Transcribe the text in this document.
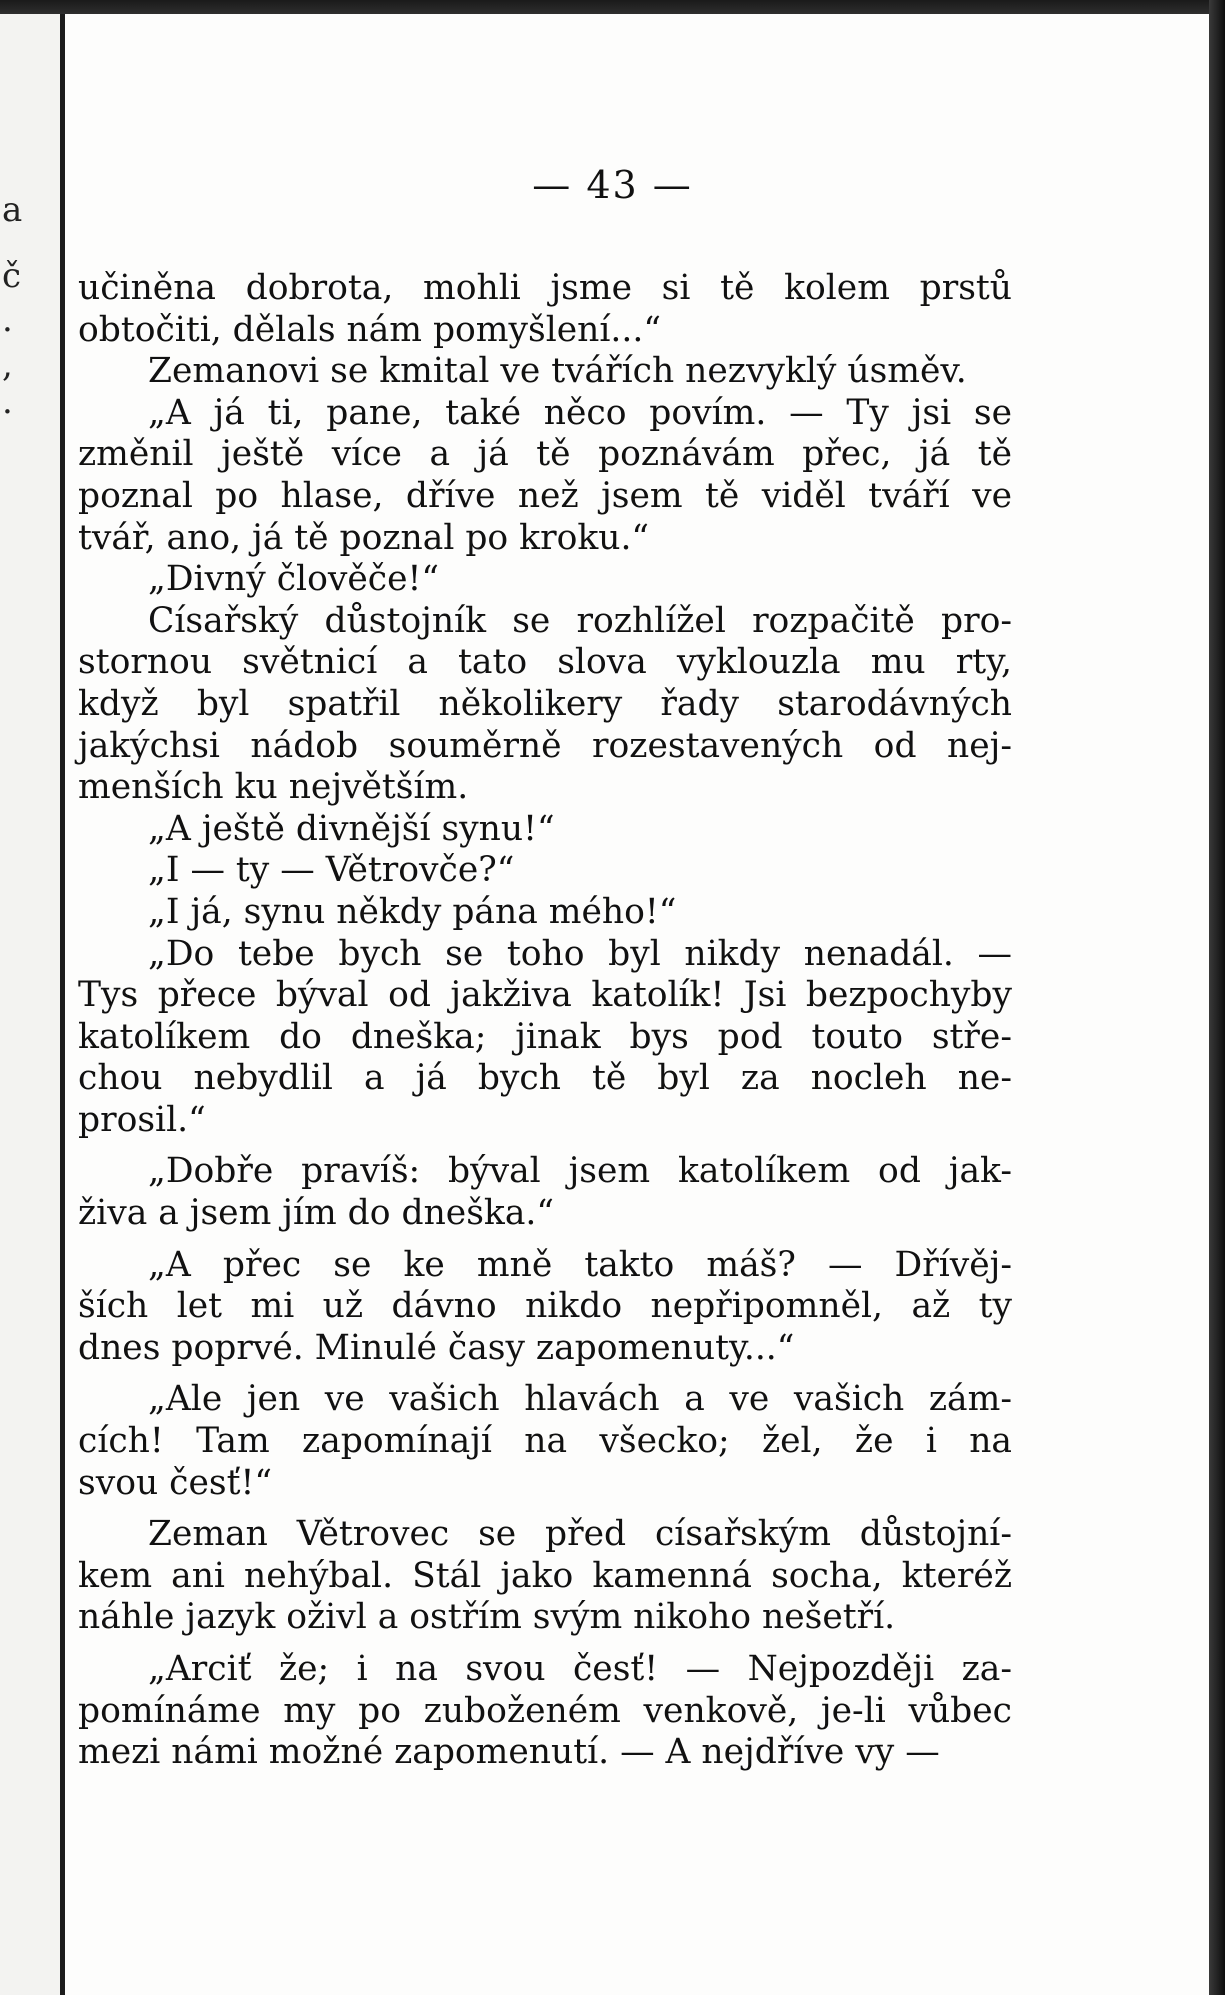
a
č
.
,
.
— 43 —
učiněna dobrota, mohli jsme si tě kolem prstů
obtočiti, dělals nám pomyšlení...“
Zemanovi se kmital ve tvářích nezvyklý úsměv.
„A já ti, pane, také něco povím. — Ty jsi se
změnil ještě více a já tě poznávám přec, já tě
poznal po hlase, dříve než jsem tě viděl tváří ve
tvář, ano, já tě poznal po kroku.“
„Divný člověče!“
Císařský důstojník se rozhlížel rozpačitě pro-
stornou světnicí a tato slova vyklouzla mu rty,
když byl spatřil několikery řady starodávných
jakýchsi nádob souměrně rozestavených od nej-
menších ku největším.
„A ještě divnější synu!“
„I — ty — Větrovče?“
„I já, synu někdy pána mého!“
„Do tebe bych se toho byl nikdy nenadál. —
Tys přece býval od jakživa katolík! Jsi bezpochyby
katolíkem do dneška; jinak bys pod touto stře-
chou nebydlil a já bych tě byl za nocleh ne-
prosil.“
„Dobře pravíš: býval jsem katolíkem od jak-
živa a jsem jím do dneška.“
„A přec se ke mně takto máš? — Dřívěj-
ších let mi už dávno nikdo nepřipomněl, až ty
dnes poprvé. Minulé časy zapomenuty...“
„Ale jen ve vašich hlavách a ve vašich zám-
cích! Tam zapomínají na všecko; žel, že i na
svou česť!“
Zeman Větrovec se před císařským důstojní-
kem ani nehýbal. Stál jako kamenná socha, kteréž
náhle jazyk oživl a ostřím svým nikoho nešetří.
„Arciť že; i na svou česť! — Nejpozději za-
pomínáme my po zuboženém venkově, je-li vůbec
mezi námi možné zapomenutí. — A nejdříve vy —
